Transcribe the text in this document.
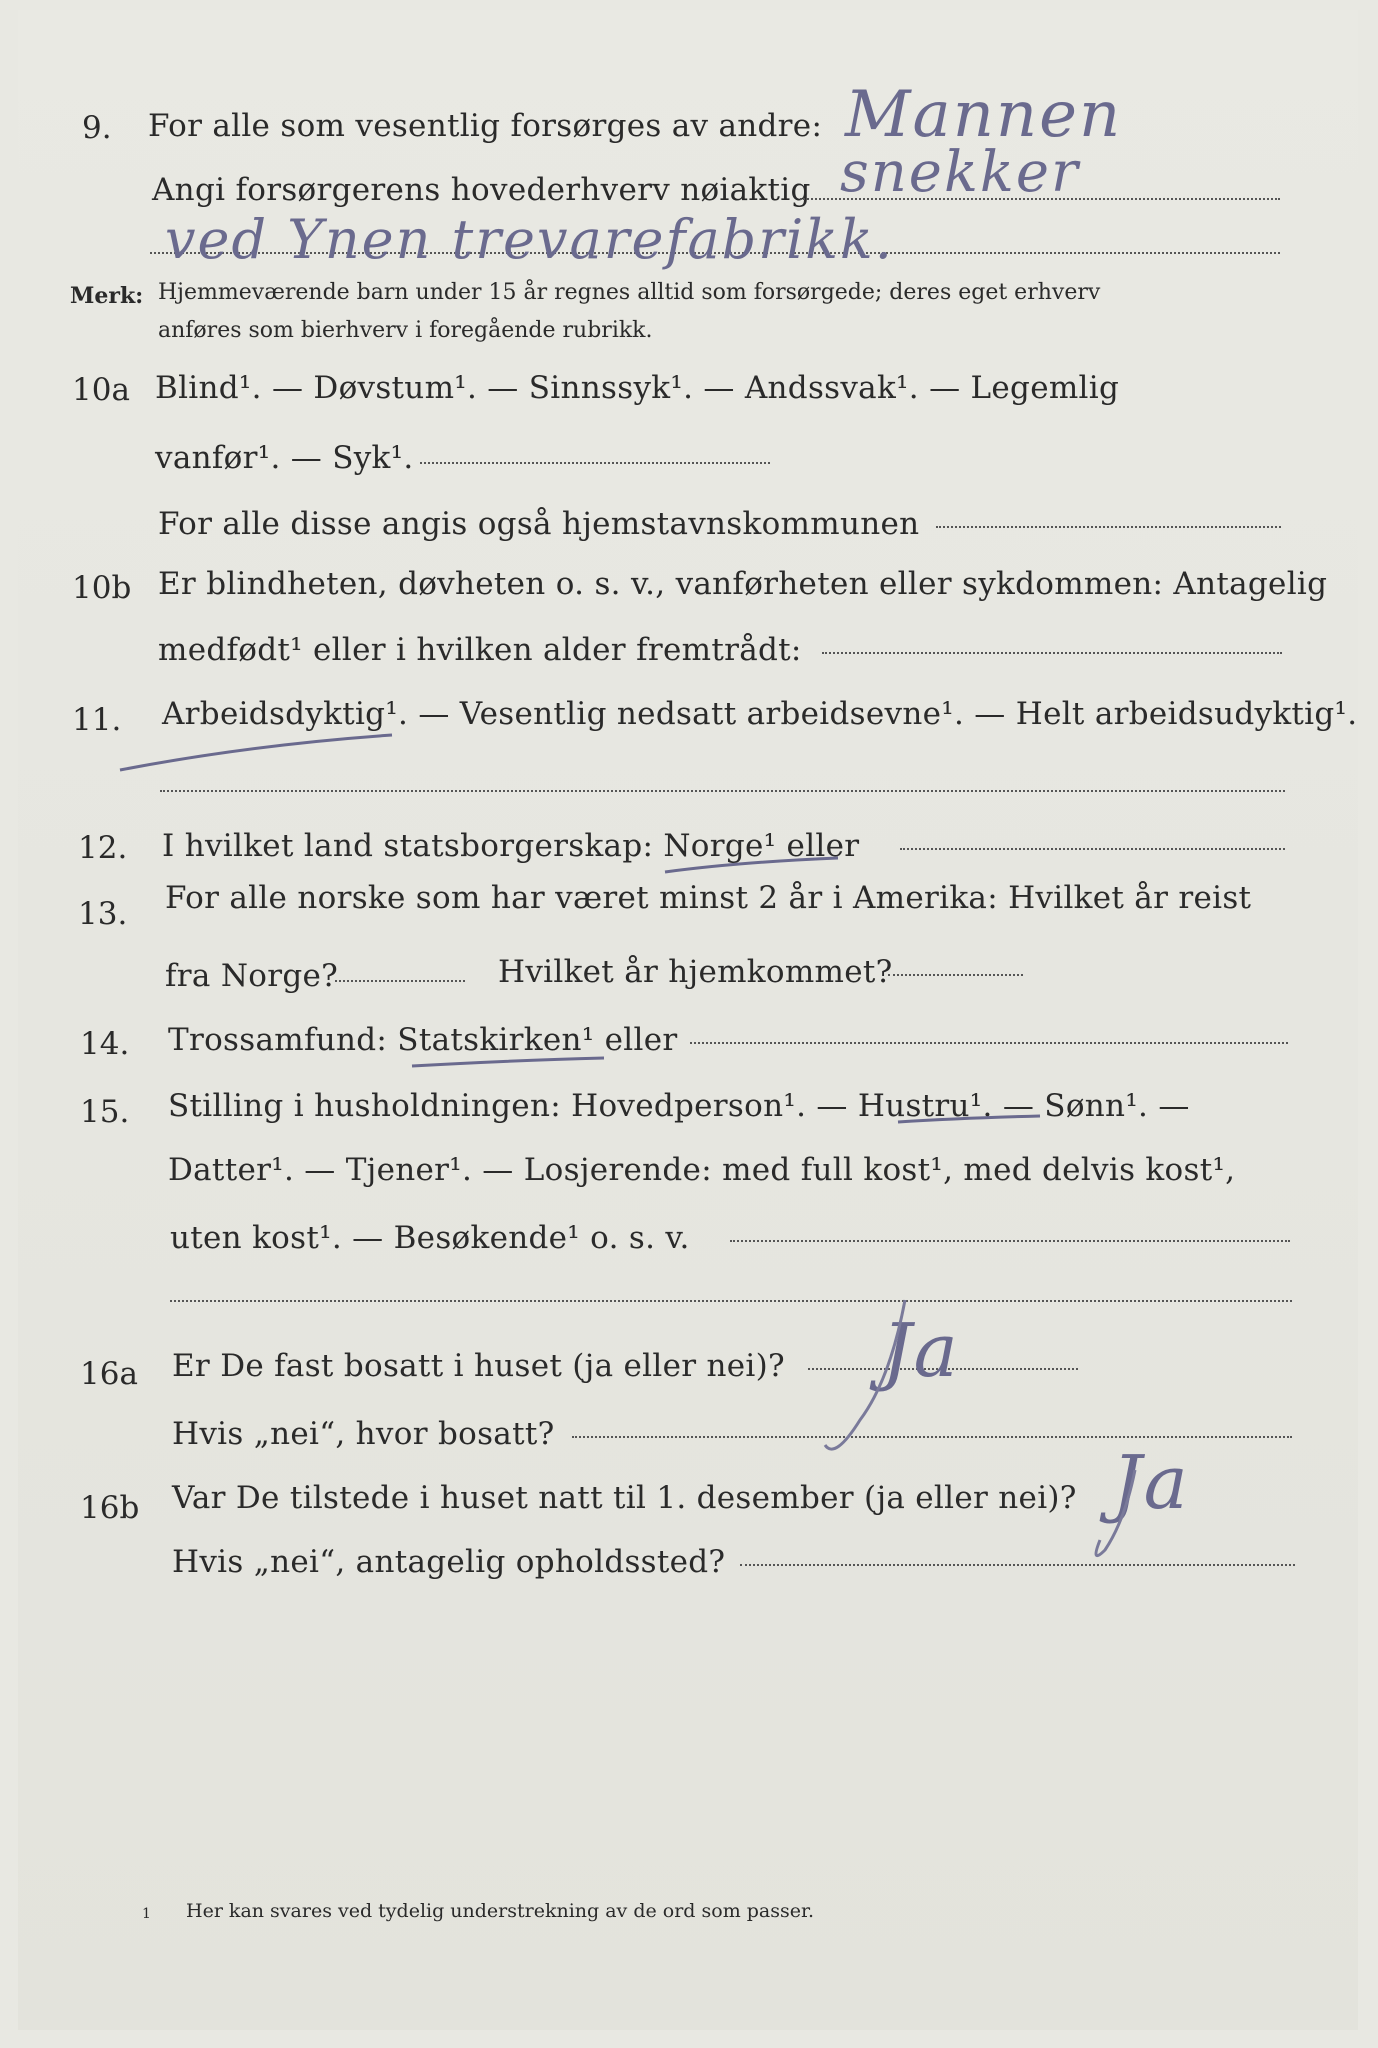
9. For alle som vesentlig forsørges av andre: Mannen
Angi forsørgerens hovederhverv nøiaktig snekker
ved Ynen trevarefabrikk.
Merk: Hjemmeværende barn under 15 år regnes alltid som forsørgede; deres eget erhverv
anføres som bierhverv i foregående rubrikk.
10a Blind¹. — Døvstum¹. — Sinnssyk¹. — Andssvak¹. — Legemlig
vanfør¹. — Syk¹.
For alle disse angis også hjemstavnskommunen
10b Er blindheten, døvheten o. s. v., vanførheten eller sykdommen: Antagelig
medfødt¹ eller i hvilken alder fremtrådt:
11. Arbeidsdyktig¹. — Vesentlig nedsatt arbeidsevne¹. — Helt arbeidsudyktig¹.
12. I hvilket land statsborgerskap: Norge¹ eller
13. For alle norske som har været minst 2 år i Amerika: Hvilket år reist
fra Norge?	Hvilket år hjemkommet?
14. Trossamfund: Statskirken¹ eller
15. Stilling i husholdningen: Hovedperson¹. — Hustru¹. — Sønn¹. —
Datter¹. — Tjener¹. — Losjerende: med full kost¹, med delvis kost¹,
uten kost¹. — Besøkende¹ o. s. v.
16a Er De fast bosatt i huset (ja eller nei)? Ja
Hvis „nei“, hvor bosatt?
16b Var De tilstede i huset natt til 1. desember (ja eller nei)? Ja
Hvis „nei“, antagelig opholdssted?
1 Her kan svares ved tydelig understrekning av de ord som passer.
